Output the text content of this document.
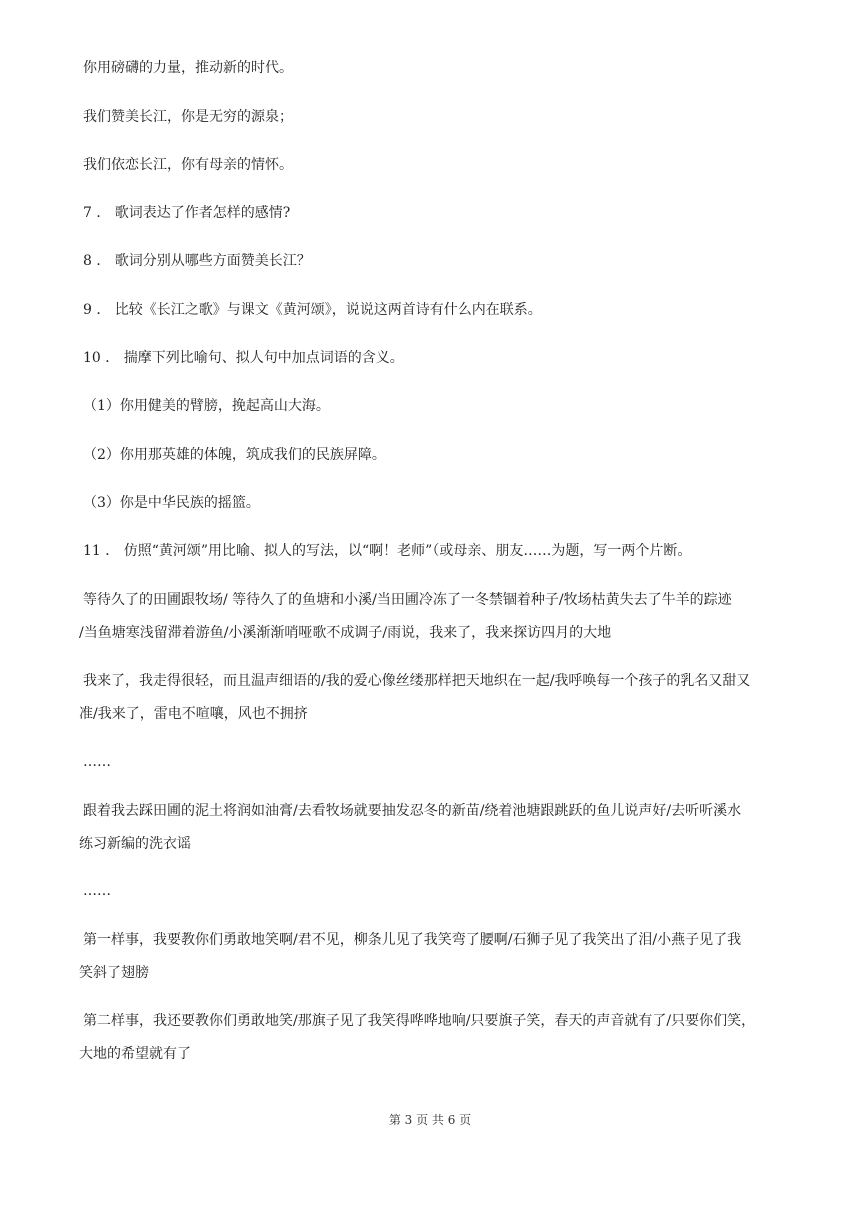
你用磅礴的力量，推动新的时代。
我们赞美长江，你是无穷的源泉；
我们依恋长江，你有母亲的情怀。
7 ． 歌词表达了作者怎样的感情?
8 ． 歌词分别从哪些方面赞美长江？
9 ． 比较《长江之歌》与课文《黄河颂》，说说这两首诗有什么内在联系。
10 ． 揣摩下列比喻句、拟人句中加点词语的含义。
（1）你用健美的臂膀，挽起高山大海。
（2）你用那英雄的体魄，筑成我们的民族屏障。
（3）你是中华民族的摇篮。
11 ． 仿照“黄河颂”用比喻、拟人的写法，以“啊！老师”（或母亲、朋友……为题，写一两个片断。
等待久了的田圃跟牧场/ 等待久了的鱼塘和小溪/当田圃冷冻了一冬禁锢着种子/牧场枯黄失去了牛羊的踪迹
/当鱼塘寒浅留滞着游鱼/小溪渐渐哨哑歌不成调子/雨说，我来了，我来探访四月的大地
我来了，我走得很轻，而且温声细语的/我的爱心像丝缕那样把天地织在一起/我呼唤每一个孩子的乳名又甜又
准/我来了，雷电不喧嚷，风也不拥挤
……
跟着我去踩田圃的泥土将润如油膏/去看牧场就要抽发忍冬的新苗/绕着池塘跟跳跃的鱼儿说声好/去听听溪水
练习新编的洗衣谣
……
第一样事，我要教你们勇敢地笑啊/君不见，柳条儿见了我笑弯了腰啊/石狮子见了我笑出了泪/小燕子见了我
笑斜了翅膀
第二样事，我还要教你们勇敢地笑/那旗子见了我笑得哗哗地响/只要旗子笑，春天的声音就有了/只要你们笑，
大地的希望就有了
第 3 页 共 6 页
